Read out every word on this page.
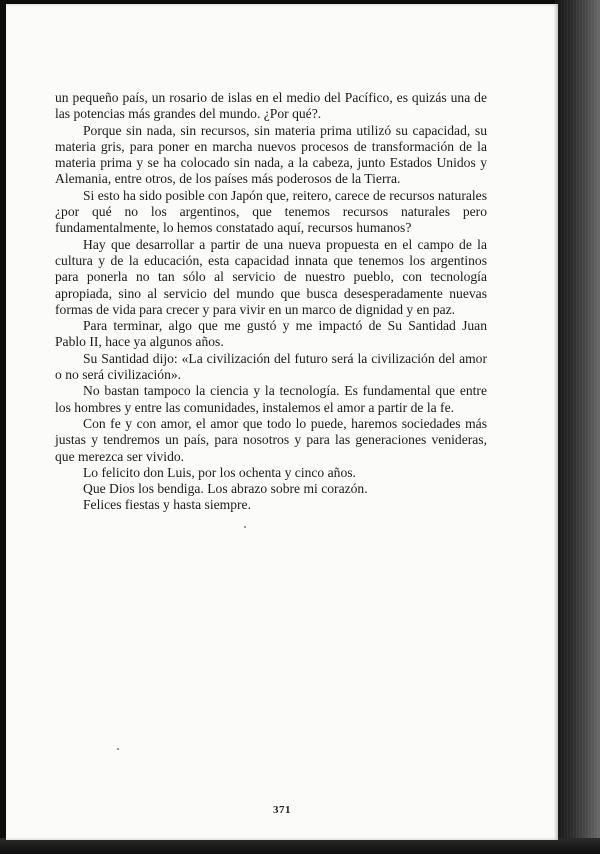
un pequeño país, un rosario de islas en el medio del Pacífico, es quizás una de las potencias más grandes del mundo. ¿Por qué?.

Porque sin nada, sin recursos, sin materia prima utilizó su capacidad, su materia gris, para poner en marcha nuevos procesos de transformación de la materia prima y se ha colocado sin nada, a la cabeza, junto Estados Unidos y Alemania, entre otros, de los países más poderosos de la Tierra.

Si esto ha sido posible con Japón que, reitero, carece de recursos naturales ¿por qué no los argentinos, que tenemos recursos naturales pero fundamentalmente, lo hemos constatado aquí, recursos humanos?

Hay que desarrollar a partir de una nueva propuesta en el campo de la cultura y de la educación, esta capacidad innata que tenemos los argentinos para ponerla no tan sólo al servicio de nuestro pueblo, con tecnología apropiada, sino al servicio del mundo que busca desesperadamente nuevas formas de vida para crecer y para vivir en un marco de dignidad y en paz.

Para terminar, algo que me gustó y me impactó de Su Santidad Juan Pablo II, hace ya algunos años.

Su Santidad dijo: «La civilización del futuro será la civilización del amor o no será civilización».

No bastan tampoco la ciencia y la tecnología. Es fundamental que entre los hombres y entre las comunidades, instalemos el amor a partir de la fe.

Con fe y con amor, el amor que todo lo puede, haremos sociedades más justas y tendremos un país, para nosotros y para las generaciones venideras, que merezca ser vivido.

Lo felicito don Luis, por los ochenta y cinco años.

Que Dios los bendiga. Los abrazo sobre mi corazón.

Felices fiestas y hasta siempre.

371
